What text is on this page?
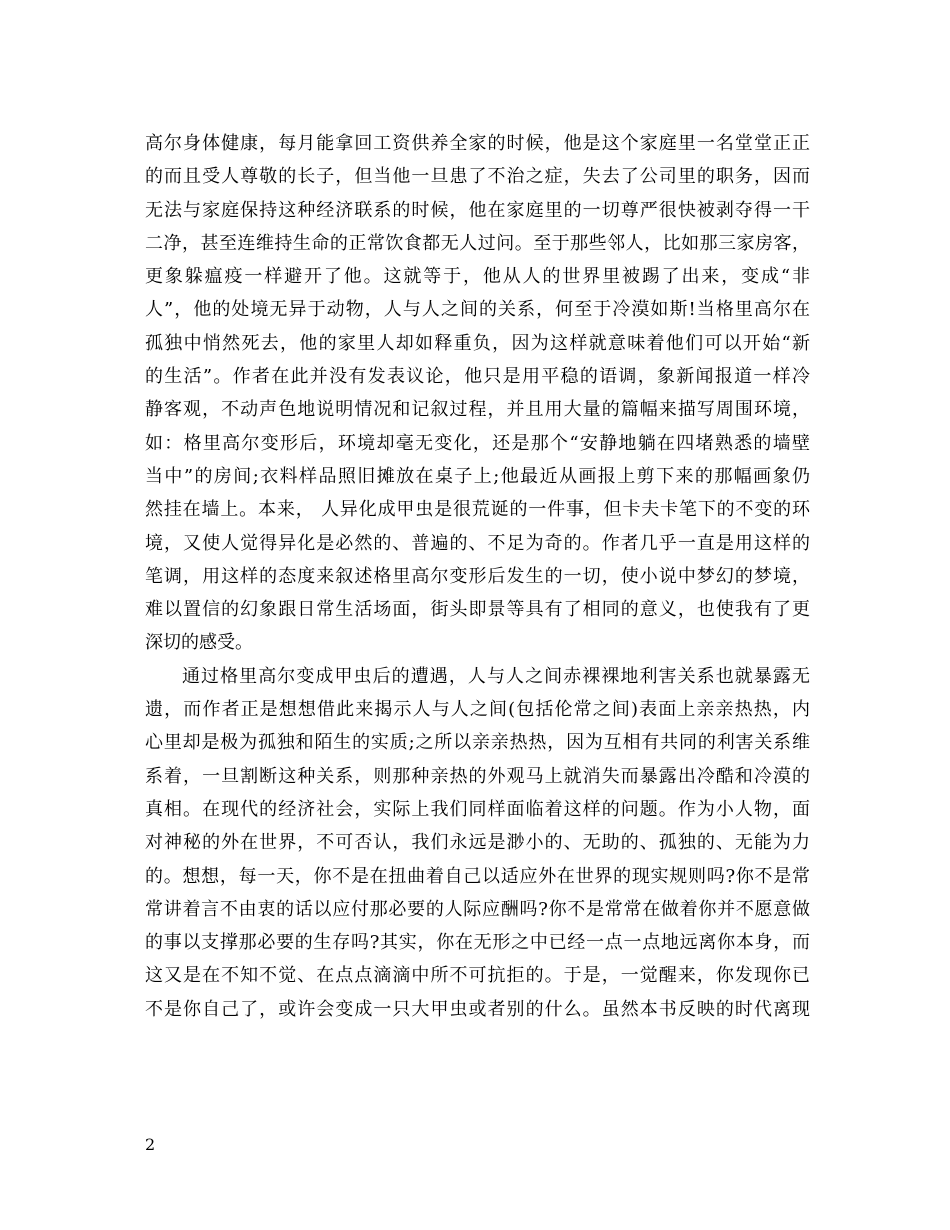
高尔身体健康，每月能拿回工资供养全家的时候，他是这个家庭里一名堂堂正正
的而且受人尊敬的长子，但当他一旦患了不治之症，失去了公司里的职务，因而
无法与家庭保持这种经济联系的时候，他在家庭里的一切尊严很快被剥夺得一干
二净，甚至连维持生命的正常饮食都无人过问。至于那些邻人，比如那三家房客，
更象躲瘟疫一样避开了他。这就等于，他从人的世界里被踢了出来，变成“非
人”，他的处境无异于动物，人与人之间的关系，何至于冷漠如斯!当格里高尔在
孤独中悄然死去，他的家里人却如释重负，因为这样就意味着他们可以开始“新
的生活”。作者在此并没有发表议论，他只是用平稳的语调，象新闻报道一样冷
静客观，不动声色地说明情况和记叙过程，并且用大量的篇幅来描写周围环境，
如：格里高尔变形后，环境却毫无变化，还是那个“安静地躺在四堵熟悉的墙壁
当中”的房间;衣料样品照旧摊放在桌子上;他最近从画报上剪下来的那幅画象仍
然挂在墙上。本来， 人异化成甲虫是很荒诞的一件事，但卡夫卡笔下的不变的环
境，又使人觉得异化是必然的、普遍的、不足为奇的。作者几乎一直是用这样的
笔调，用这样的态度来叙述格里高尔变形后发生的一切，使小说中梦幻的梦境，
难以置信的幻象跟日常生活场面，街头即景等具有了相同的意义，也使我有了更
深切的感受。
通过格里高尔变成甲虫后的遭遇，人与人之间赤裸裸地利害关系也就暴露无
遗，而作者正是想想借此来揭示人与人之间(包括伦常之间)表面上亲亲热热，内
心里却是极为孤独和陌生的实质;之所以亲亲热热，因为互相有共同的利害关系维
系着，一旦割断这种关系，则那种亲热的外观马上就消失而暴露出冷酷和冷漠的
真相。在现代的经济社会，实际上我们同样面临着这样的问题。作为小人物，面
对神秘的外在世界，不可否认，我们永远是渺小的、无助的、孤独的、无能为力
的。想想，每一天，你不是在扭曲着自己以适应外在世界的现实规则吗?你不是常
常讲着言不由衷的话以应付那必要的人际应酬吗?你不是常常在做着你并不愿意做
的事以支撑那必要的生存吗?其实，你在无形之中已经一点一点地远离你本身，而
这又是在不知不觉、在点点滴滴中所不可抗拒的。于是，一觉醒来，你发现你已
不是你自己了，或许会变成一只大甲虫或者别的什么。虽然本书反映的时代离现
2
